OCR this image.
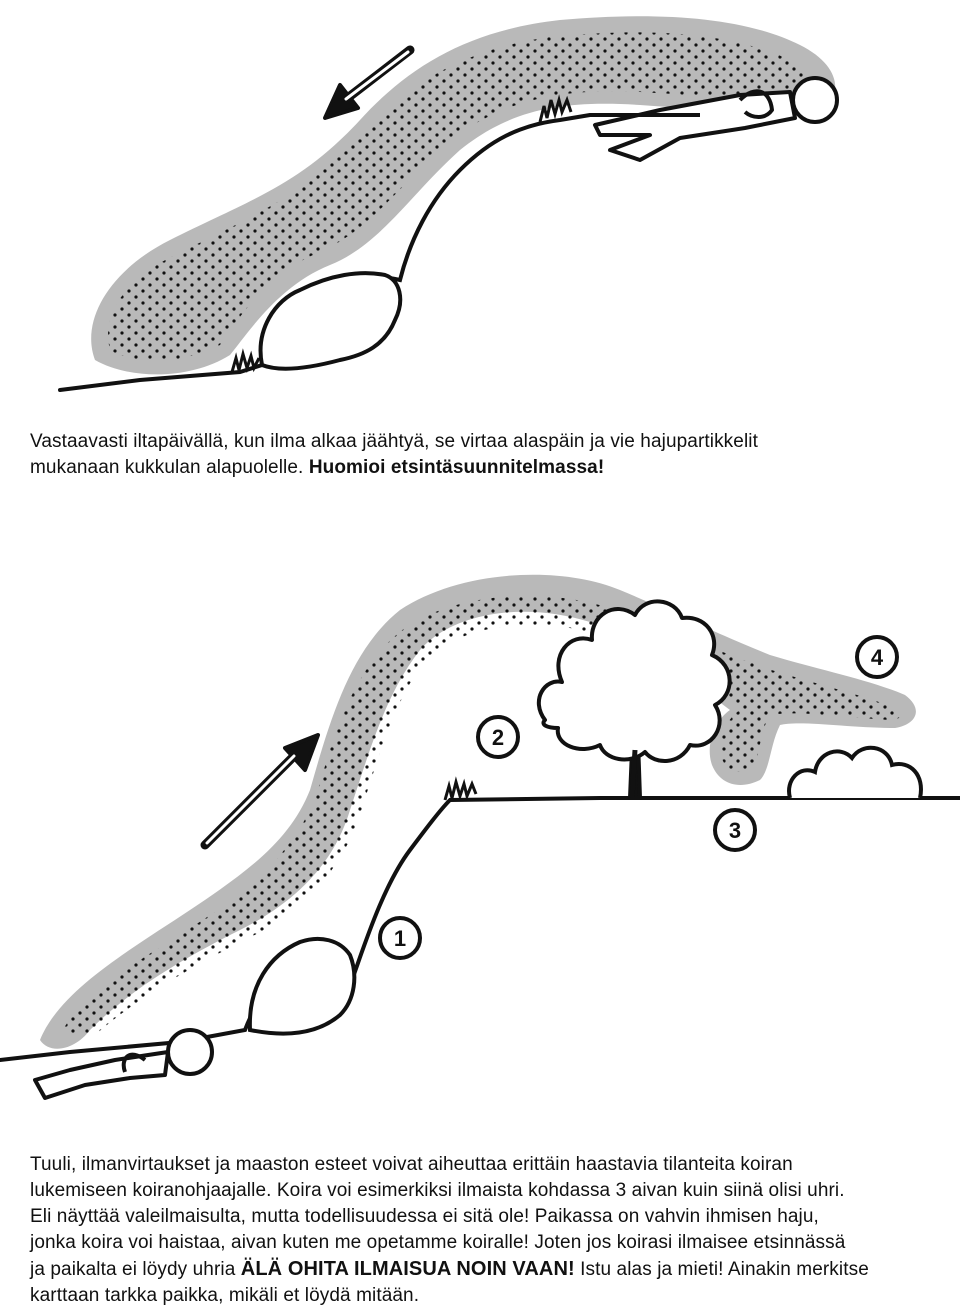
Vastaavasti iltapäivällä, kun ilma alkaa jäähtyä, se virtaa alaspäin ja vie hajupartikkelit
mukanaan kukkulan alapuolelle. Huomioi etsintäsuunnitelmassa!
1
2
3
4
Tuuli, ilmanvirtaukset ja maaston esteet voivat aiheuttaa erittäin haastavia tilanteita koiran
lukemiseen koiranohjaajalle. Koira voi esimerkiksi ilmaista kohdassa 3 aivan kuin siinä olisi uhri.
Eli näyttää valeilmaisulta, mutta todellisuudessa ei sitä ole! Paikassa on vahvin ihmisen haju,
jonka koira voi haistaa, aivan kuten me opetamme koiralle! Joten jos koirasi ilmaisee etsinnässä
ja paikalta ei löydy uhria ÄLÄ OHITA ILMAISUA NOIN VAAN! Istu alas ja mieti! Ainakin merkitse
karttaan tarkka paikka, mikäli et löydä mitään.
